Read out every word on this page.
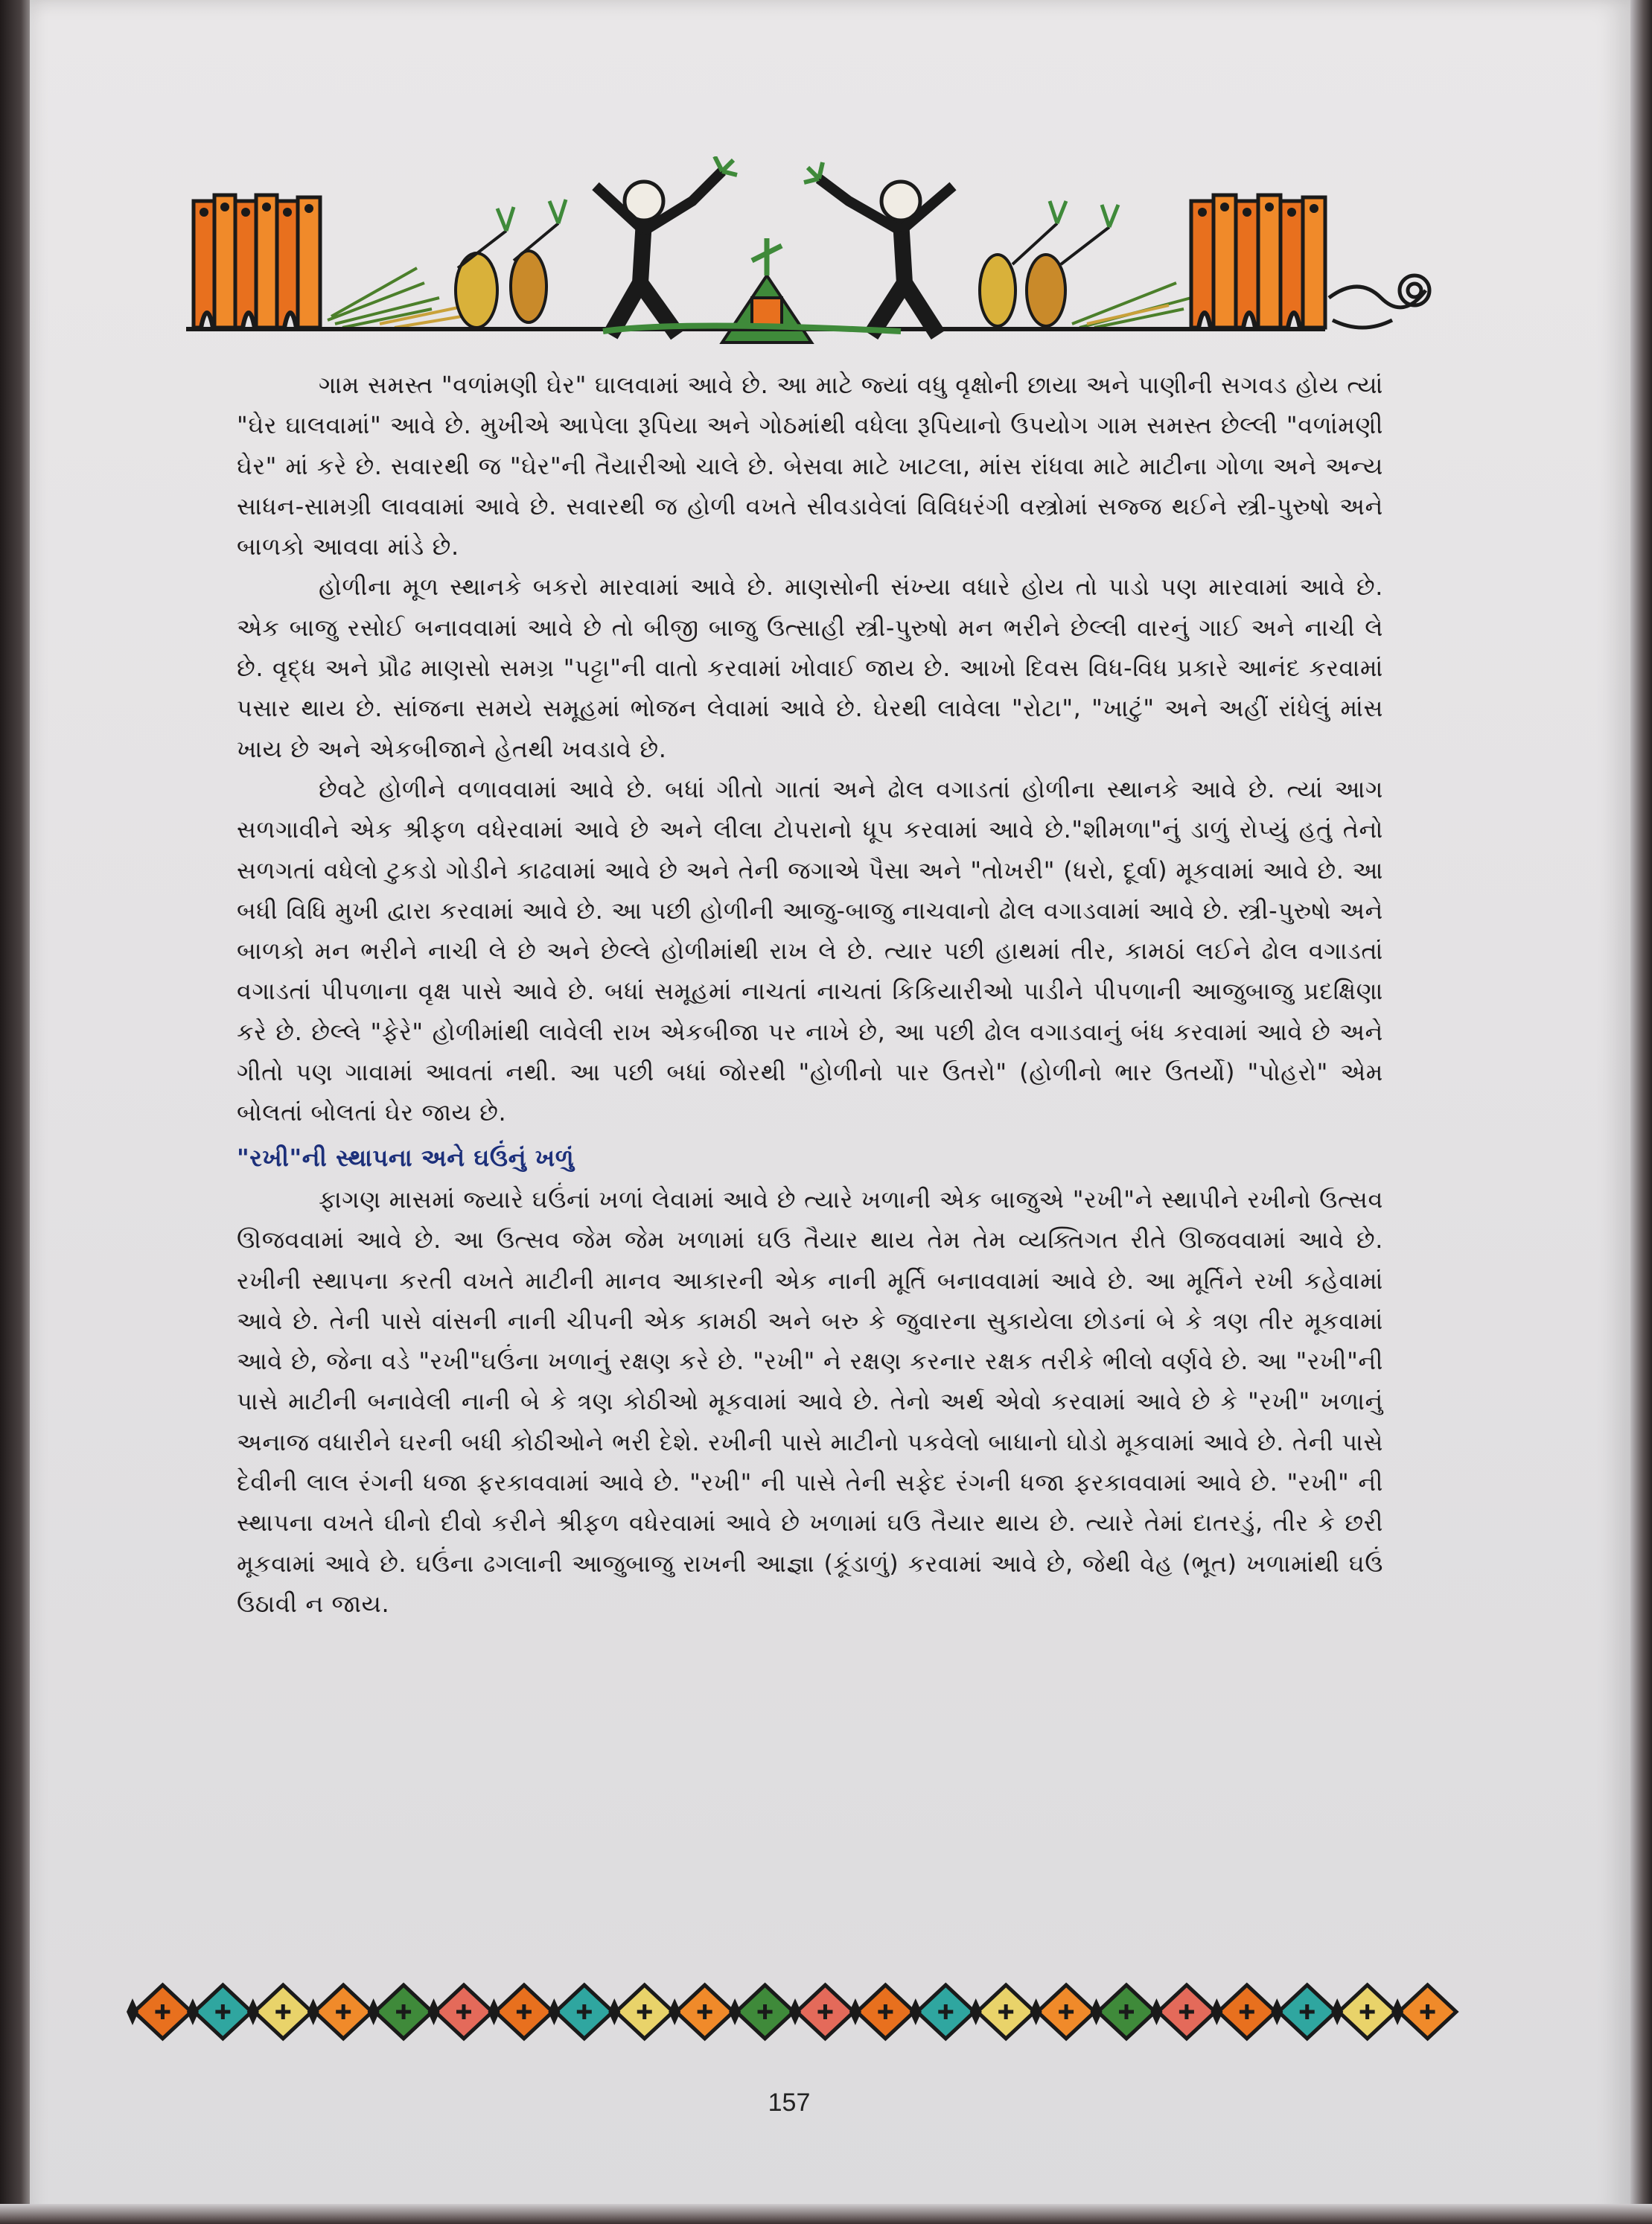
ગામ સમસ્ત "વળાંમણી ઘેર" ઘાલવામાં આવે છે. આ માટે જ્યાં વધુ વૃક્ષોની છાયા અને પાણીની સગવડ હોય ત્યાં "ઘેર ઘાલવામાં" આવે છે. મુખીએ આપેલા રૂપિયા અને ગોઠમાંથી વધેલા રૂપિયાનો ઉપયોગ ગામ સમસ્ત છેલ્લી "વળાંમણી ઘેર" માં કરે છે. સવારથી જ "ઘેર"ની તૈયારીઓ ચાલે છે. બેસવા માટે ખાટલા, માંસ રાંધવા માટે માટીના ગોળા અને અન્ય સાધન-સામગ્રી લાવવામાં આવે છે. સવારથી જ હોળી વખતે સીવડાવેલાં વિવિધરંગી વસ્ત્રોમાં સજ્જ થઈને સ્ત્રી-પુરુષો અને બાળકો આવવા માંડે છે.

હોળીના મૂળ સ્થાનકે બકરો મારવામાં આવે છે. માણસોની સંખ્યા વધારે હોય તો પાડો પણ મારવામાં આવે છે. એક બાજુ રસોઈ બનાવવામાં આવે છે તો બીજી બાજુ ઉત્સાહી સ્ત્રી-પુરુષો મન ભરીને છેલ્લી વારનું ગાઈ અને નાચી લે છે. વૃદ્ધ અને પ્રૌઢ માણસો સમગ્ર "પટ્ટા"ની વાતો કરવામાં ખોવાઈ જાય છે. આખો દિવસ વિધ-વિધ પ્રકારે આનંદ કરવામાં પસાર થાય છે. સાંજના સમયે સમૂહમાં ભોજન લેવામાં આવે છે. ઘેરથી લાવેલા "રોટા", "ખાટું" અને અહીં રાંધેલું માંસ ખાય છે અને એકબીજાને હેતથી ખવડાવે છે.

છેવટે હોળીને વળાવવામાં આવે છે. બધાં ગીતો ગાતાં અને ઢોલ વગાડતાં હોળીના સ્થાનકે આવે છે. ત્યાં આગ સળગાવીને એક શ્રીફળ વધેરવામાં આવે છે અને લીલા ટોપરાનો ધૂપ કરવામાં આવે છે."શીમળા"નું ડાળું રોપ્યું હતું તેનો સળગતાં વધેલો ટુકડો ગોડીને કાઢવામાં આવે છે અને તેની જગાએ પૈસા અને "તોખરી" (ધરો, દૂર્વા) મૂકવામાં આવે છે. આ બધી વિધિ મુખી દ્વારા કરવામાં આવે છે. આ પછી હોળીની આજુ-બાજુ નાચવાનો ઢોલ વગાડવામાં આવે છે. સ્ત્રી-પુરુષો અને બાળકો મન ભરીને નાચી લે છે અને છેલ્લે હોળીમાંથી રાખ લે છે. ત્યાર પછી હાથમાં તીર, કામઠાં લઈને ઢોલ વગાડતાં વગાડતાં પીપળાના વૃક્ષ પાસે આવે છે. બધાં સમૂહમાં નાચતાં નાચતાં કિકિયારીઓ પાડીને પીપળાની આજુબાજુ પ્રદક્ષિણા કરે છે. છેલ્લે "ફેરે" હોળીમાંથી લાવેલી રાખ એકબીજા પર નાખે છે, આ પછી ઢોલ વગાડવાનું બંધ કરવામાં આવે છે અને ગીતો પણ ગાવામાં આવતાં નથી. આ પછી બધાં જોરથી "હોળીનો પાર ઉતરો" (હોળીનો ભાર ઉતર્યો) "પોહરો" એમ બોલતાં બોલતાં ઘેર જાય છે.

"રખી"ની સ્થાપના અને ઘઉંનું ખળું

ફાગણ માસમાં જ્યારે ઘઉંનાં ખળાં લેવામાં આવે છે ત્યારે ખળાની એક બાજુએ "રખી"ને સ્થાપીને રખીનો ઉત્સવ ઊજવવામાં આવે છે. આ ઉત્સવ જેમ જેમ ખળામાં ઘઉ તૈયાર થાય તેમ તેમ વ્યક્તિગત રીતે ઊજવવામાં આવે છે. રખીની સ્થાપના કરતી વખતે માટીની માનવ આકારની એક નાની મૂર્તિ બનાવવામાં આવે છે. આ મૂર્તિને રખી કહેવામાં આવે છે. તેની પાસે વાંસની નાની ચીપની એક કામઠી અને બરુ કે જુવારના સુકાયેલા છોડનાં બે કે ત્રણ તીર મૂકવામાં આવે છે, જેના વડે "રખી"ઘઉંના ખળાનું રક્ષણ કરે છે. "રખી" ને રક્ષણ કરનાર રક્ષક તરીકે ભીલો વર્ણવે છે. આ "રખી"ની પાસે માટીની બનાવેલી નાની બે કે ત્રણ કોઠીઓ મૂકવામાં આવે છે. તેનો અર્થ એવો કરવામાં આવે છે કે "રખી" ખળાનું અનાજ વધારીને ઘરની બધી કોઠીઓને ભરી દેશે. રખીની પાસે માટીનો પકવેલો બાધાનો ઘોડો મૂકવામાં આવે છે. તેની પાસે દેવીની લાલ રંગની ધજા ફરકાવવામાં આવે છે. "રખી" ની પાસે તેની સફેદ રંગની ધજા ફરકાવવામાં આવે છે. "રખી" ની સ્થાપના વખતે ઘીનો દીવો કરીને શ્રીફળ વધેરવામાં આવે છે ખળામાં ઘઉ તૈયાર થાય છે. ત્યારે તેમાં દાતરડું, તીર કે છરી મૂકવામાં આવે છે. ઘઉંના ઢગલાની આજુબાજુ રાખની આજ્ઞા (કૂંડાળું) કરવામાં આવે છે, જેથી વેહ (ભૂત) ખળામાંથી ઘઉં ઉઠાવી ન જાય.

157
